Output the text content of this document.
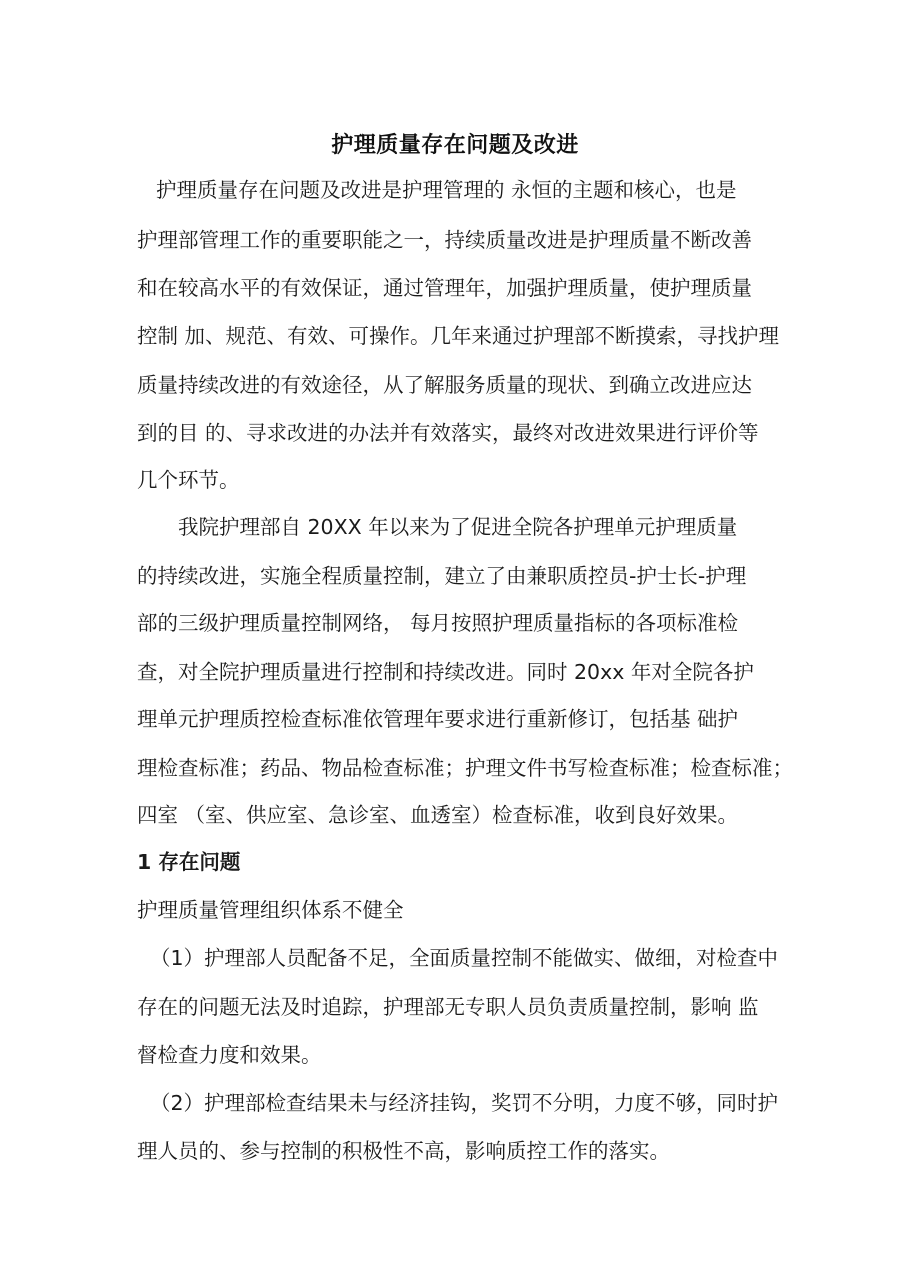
护理质量存在问题及改进
护理质量存在问题及改进是护理管理的 永恒的主题和核心，也是
护理部管理工作的重要职能之一，持续质量改进是护理质量不断改善
和在较高水平的有效保证，通过管理年，加强护理质量，使护理质量
控制 加、规范、有效、可操作。几年来通过护理部不断摸索，寻找护理
质量持续改进的有效途径，从了解服务质量的现状、到确立改进应达
到的目 的、寻求改进的办法并有效落实，最终对改进效果进行评价等
几个环节。
我院护理部自 20XX 年以来为了促进全院各护理单元护理质量
的持续改进，实施全程质量控制，建立了由兼职质控员-护士长-护理
部的三级护理质量控制网络， 每月按照护理质量指标的各项标准检
查，对全院护理质量进行控制和持续改进。同时 20xx 年对全院各护
理单元护理质控检查标准依管理年要求进行重新修订，包括基 础护
理检查标准；药品、物品检查标准；护理文件书写检查标准；检查标准；
四室 （室、供应室、急诊室、血透室）检查标准，收到良好效果。
1 存在问题
护理质量管理组织体系不健全
（1）护理部人员配备不足，全面质量控制不能做实、做细，对检查中
存在的问题无法及时追踪，护理部无专职人员负责质量控制，影响 监
督检查力度和效果。
（2）护理部检查结果未与经济挂钩，奖罚不分明，力度不够，同时护
理人员的、参与控制的积极性不高，影响质控工作的落实。
